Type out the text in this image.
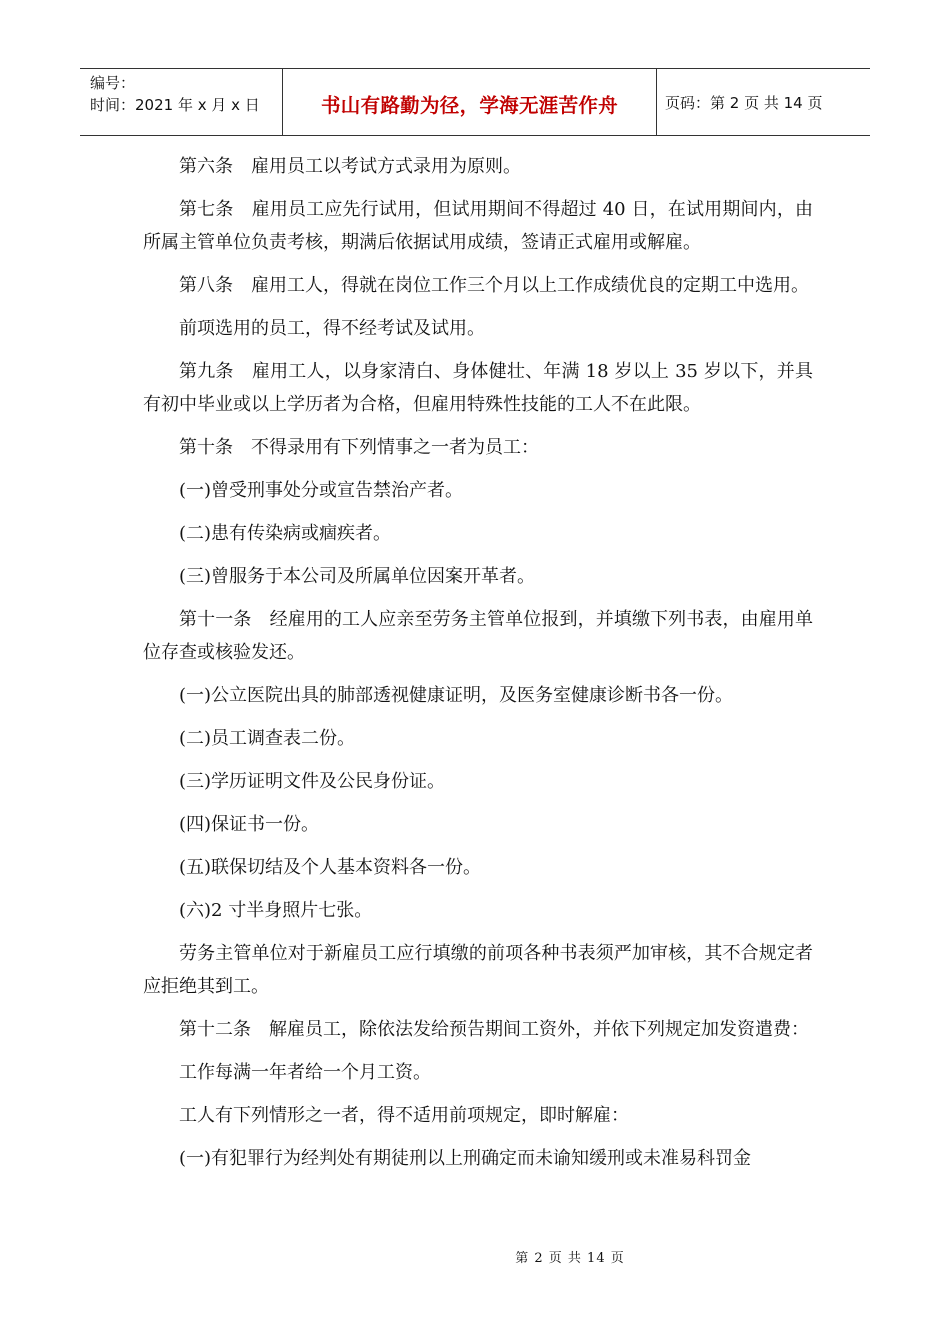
编号：
时间：2021 年 x 月 x 日	书山有路勤为径，学海无涯苦作舟	页码：第 2 页 共 14 页

第六条　雇用员工以考试方式录用为原则。

第七条　雇用员工应先行试用，但试用期间不得超过 40 日，在试用期间内，由所属主管单位负责考核，期满后依据试用成绩，签请正式雇用或解雇。

第八条　雇用工人，得就在岗位工作三个月以上工作成绩优良的定期工中选用。

前项选用的员工，得不经考试及试用。

第九条　雇用工人，以身家清白、身体健壮、年满 18 岁以上 35 岁以下，并具有初中毕业或以上学历者为合格，但雇用特殊性技能的工人不在此限。

第十条　不得录用有下列情事之一者为员工：

(一)曾受刑事处分或宣告禁治产者。

(二)患有传染病或痼疾者。

(三)曾服务于本公司及所属单位因案开革者。

第十一条　经雇用的工人应亲至劳务主管单位报到，并填缴下列书表，由雇用单位存查或核验发还。

(一)公立医院出具的肺部透视健康证明，及医务室健康诊断书各一份。

(二)员工调查表二份。

(三)学历证明文件及公民身份证。

(四)保证书一份。

(五)联保切结及个人基本资料各一份。

(六)2 寸半身照片七张。

劳务主管单位对于新雇员工应行填缴的前项各种书表须严加审核，其不合规定者应拒绝其到工。

第十二条　解雇员工，除依法发给预告期间工资外，并依下列规定加发资遣费：

工作每满一年者给一个月工资。

工人有下列情形之一者，得不适用前项规定，即时解雇：

(一)有犯罪行为经判处有期徒刑以上刑确定而未谕知缓刑或未准易科罚金

第 2 页 共 14 页
